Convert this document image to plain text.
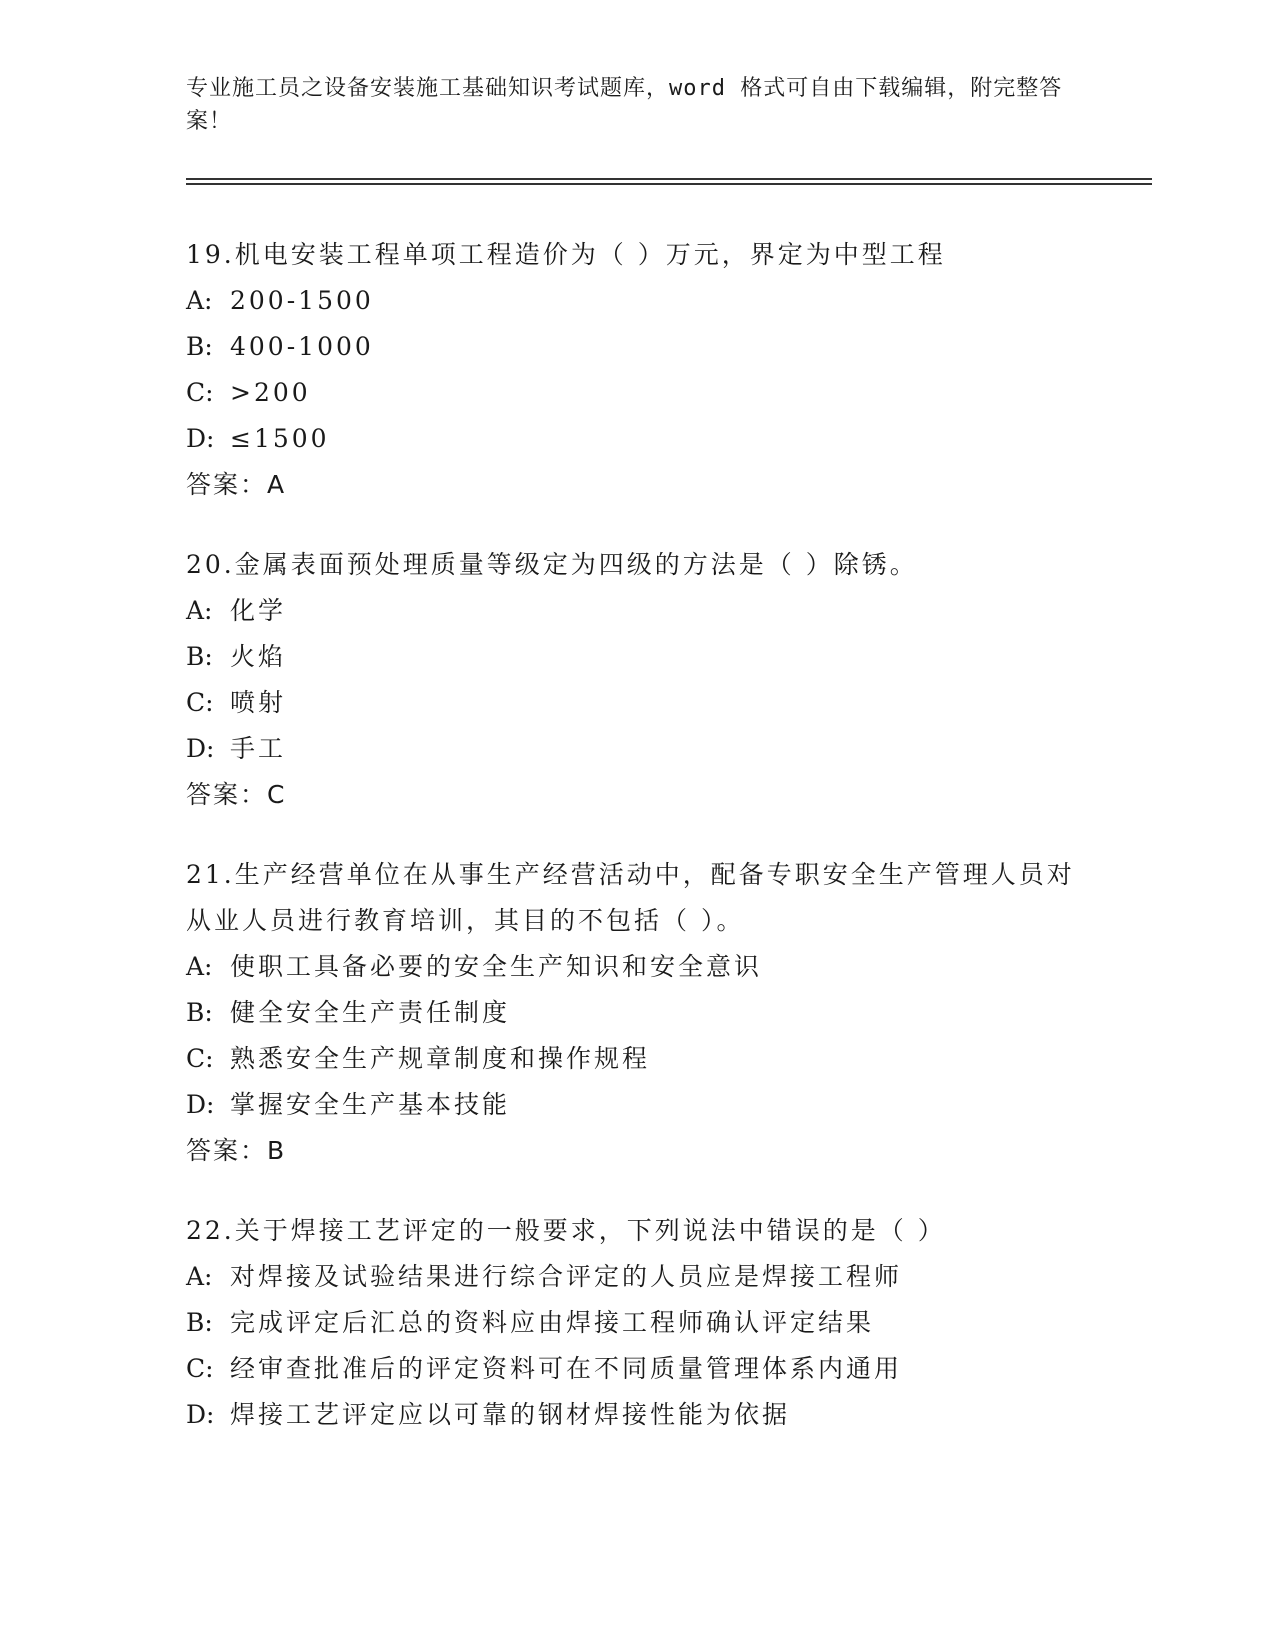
专业施工员之设备安装施工基础知识考试题库，word 格式可自由下载编辑，附完整答案！
19.机电安装工程单项工程造价为（ ）万元，界定为中型工程
A: 200-1500
B: 400-1000
C: >200
D: ≤1500
答案：A
20.金属表面预处理质量等级定为四级的方法是（ ）除锈。
A: 化学
B: 火焰
C: 喷射
D: 手工
答案：C
21.生产经营单位在从事生产经营活动中，配备专职安全生产管理人员对从业人员进行教育培训，其目的不包括（ ）。
A: 使职工具备必要的安全生产知识和安全意识
B: 健全安全生产责任制度
C: 熟悉安全生产规章制度和操作规程
D: 掌握安全生产基本技能
答案：B
22.关于焊接工艺评定的一般要求，下列说法中错误的是（ ）
A: 对焊接及试验结果进行综合评定的人员应是焊接工程师
B: 完成评定后汇总的资料应由焊接工程师确认评定结果
C: 经审查批准后的评定资料可在不同质量管理体系内通用
D: 焊接工艺评定应以可靠的钢材焊接性能为依据
